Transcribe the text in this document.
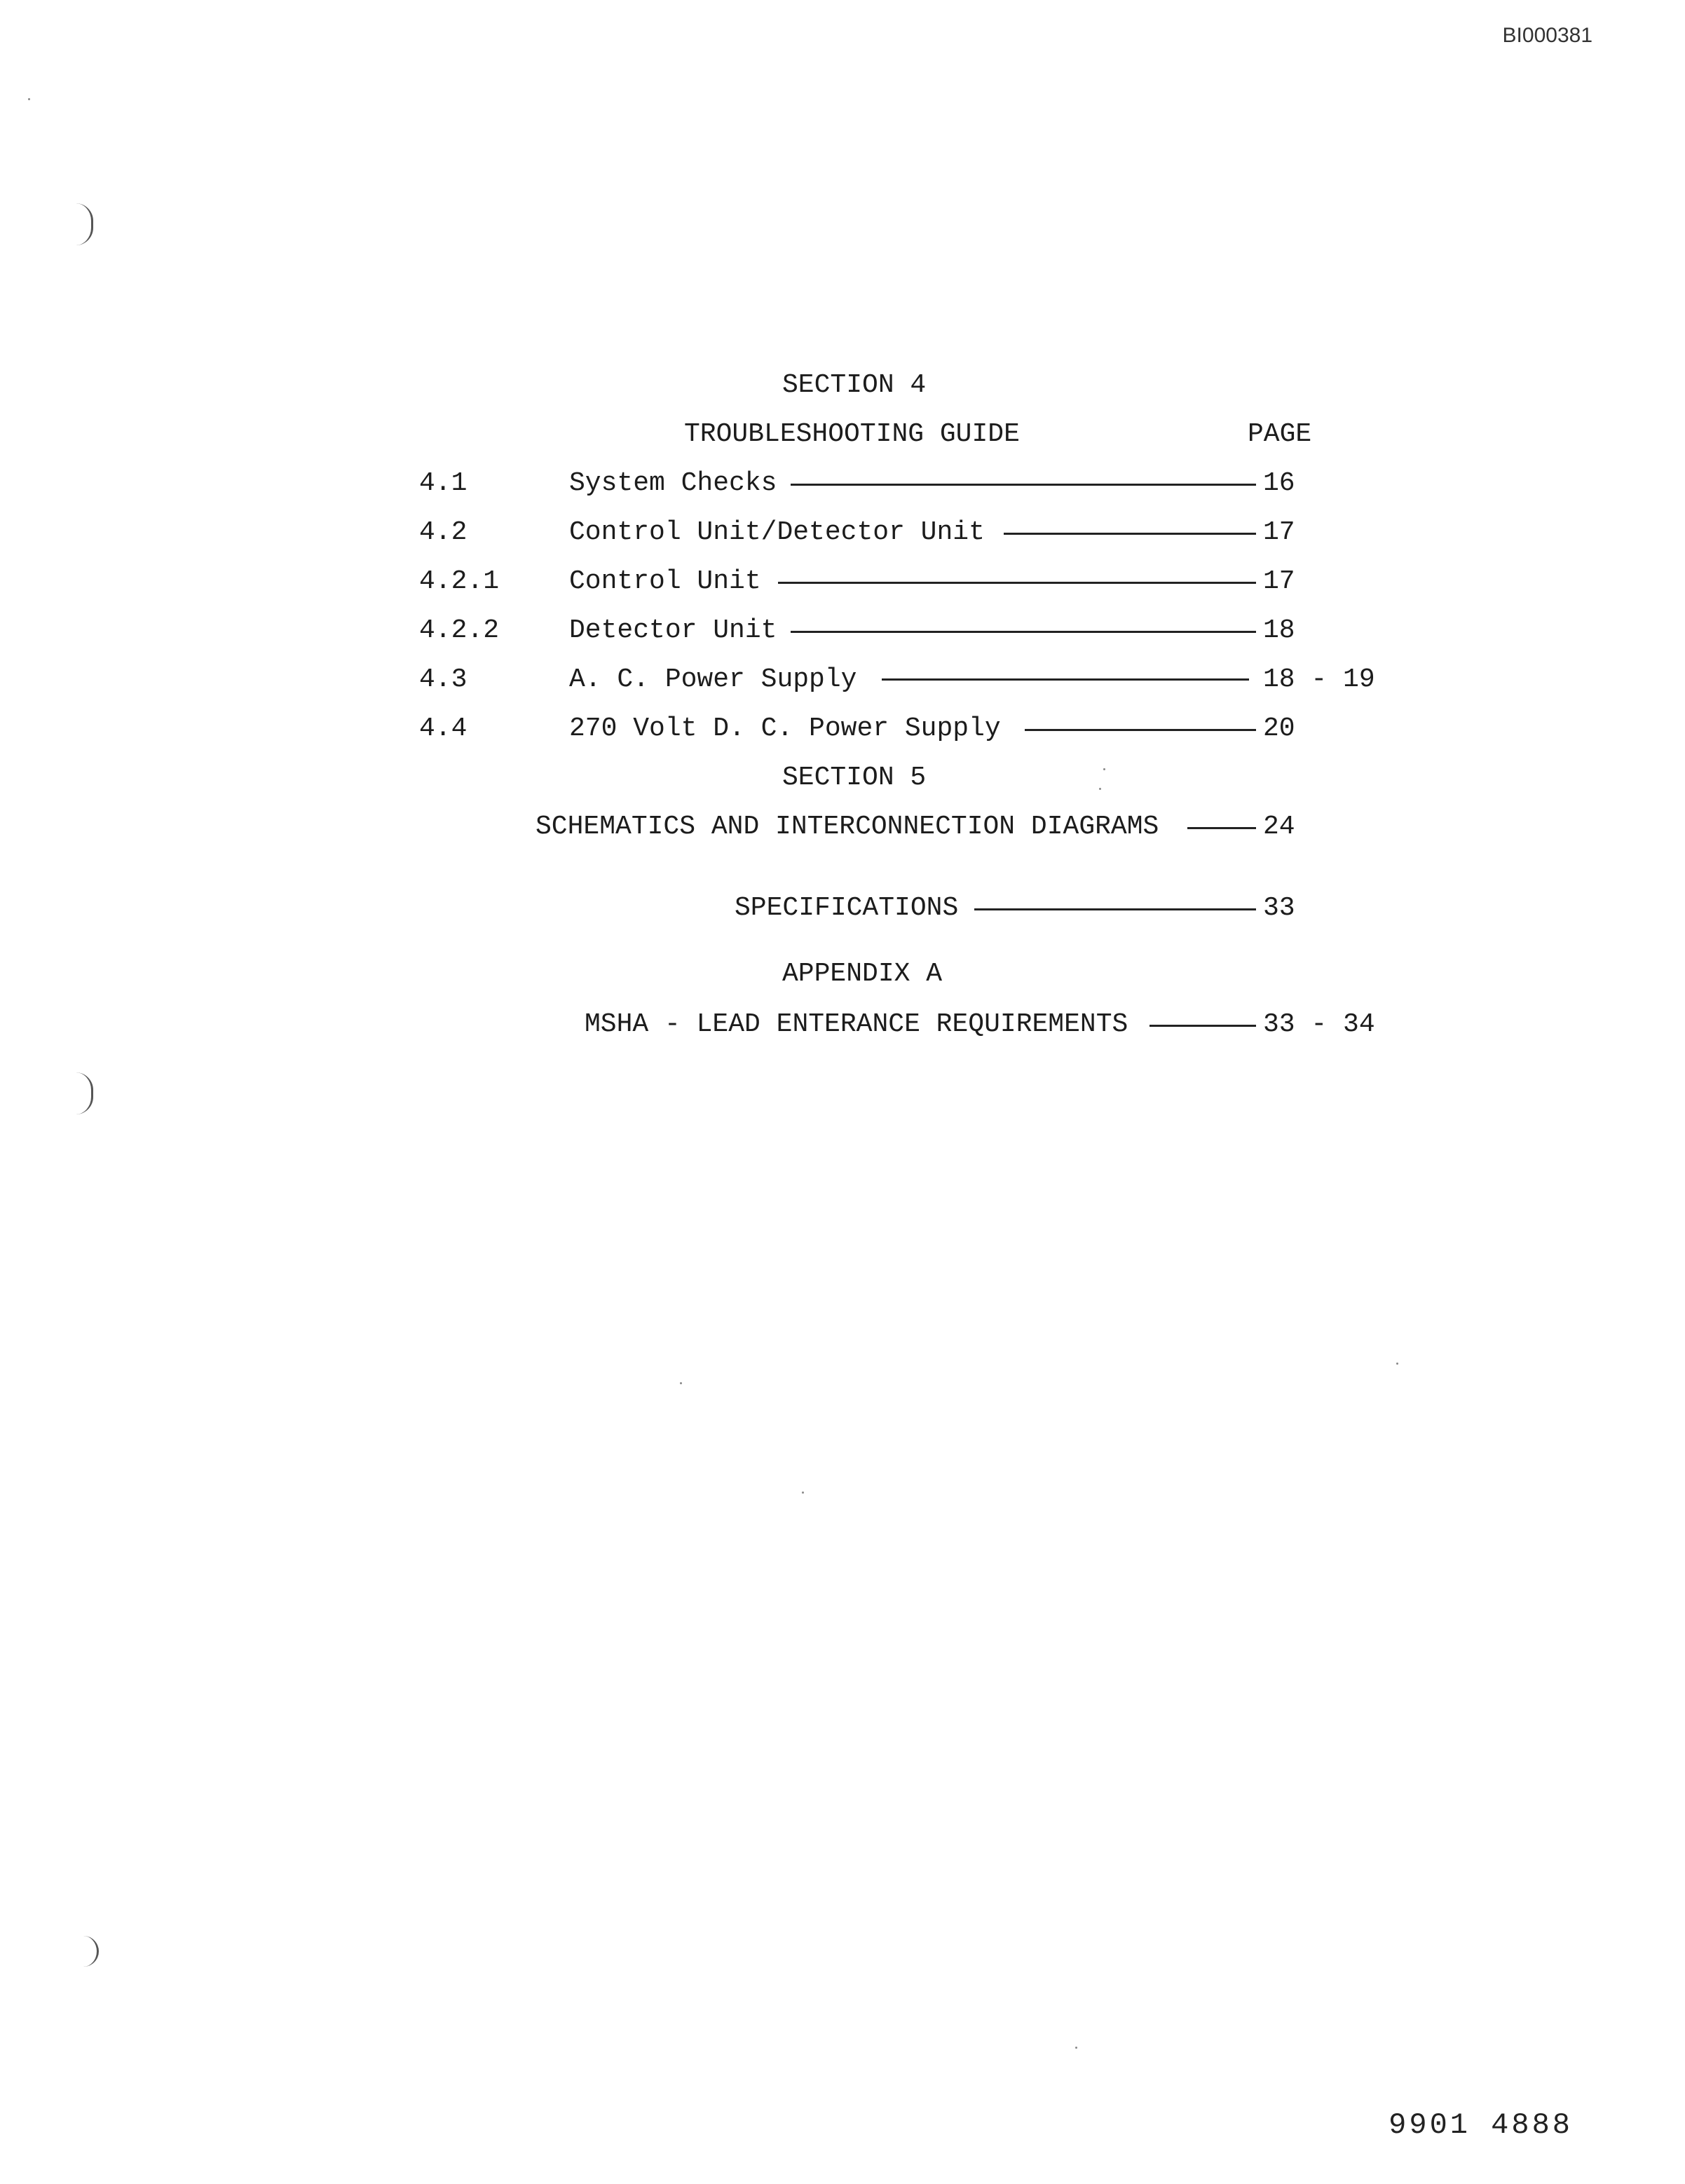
BI000381
SECTION 4
TROUBLESHOOTING GUIDE	PAGE
4.1	System Checks	16
4.2	Control Unit/Detector Unit	17
4.2.1	Control Unit	17
4.2.2	Detector Unit	18
4.3	A. C. Power Supply	18 - 19
4.4	270 Volt D. C. Power Supply	20
SECTION 5
SCHEMATICS AND INTERCONNECTION DIAGRAMS	24
SPECIFICATIONS	33
APPENDIX A
MSHA - LEAD ENTERANCE REQUIREMENTS	33 - 34
9901 4888
